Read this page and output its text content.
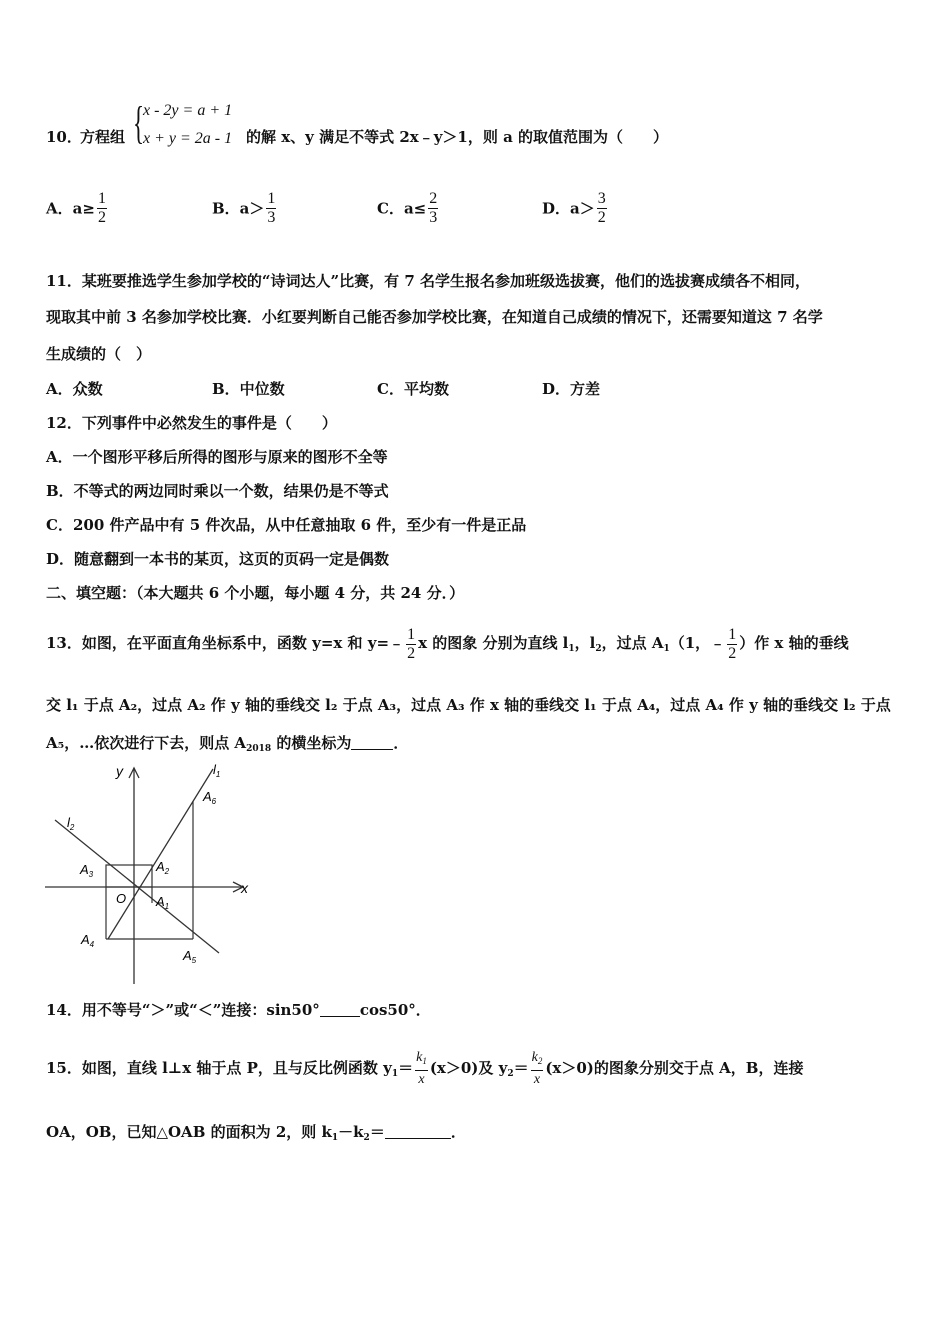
10．
方程组 {
x - 2y = a + 1
x + y = 2a - 1 的解 x、y 满足不等式 2x﹣y＞1，则 a 的取值范围为（　　）
A．$a\ge \frac{1}{2}$	B．$a> \frac{1}{3}$	C．$a\le \frac{2}{3}$	D．$a> \frac{3}{2}$
11．某班要推选学生参加学校的“诗词达人”比赛，有 7 名学生报名参加班级选拔赛，他们的选拔赛成绩各不相同，
现取其中前 3 名参加学校比赛．小红要判断自己能否参加学校比赛，在知道自己成绩的情况下，还需要知道这 7 名学
生成绩的（　）
A．众数	B．中位数	C．平均数	D．方差
12．下列事件中必然发生的事件是（　　）
A．一个图形平移后所得的图形与原来的图形不全等
B．不等式的两边同时乘以一个数，结果仍是不等式
C．200 件产品中有 5 件次品，从中任意抽取 6 件，至少有一件是正品
D．随意翻到一本书的某页，这页的页码一定是偶数
二、填空题：（本大题共 6 个小题，每小题 4 分，共 24 分．）
13．如图，在平面直角坐标系中，函数 y=x 和 y=﹣ $\frac{1}{2}$ x 的图象 分别为直线 $l_1$，$l_2$，过点 $A_1(1$，﹣ $\frac{1}{2}$ ）作 x 轴的垂线
交 l₁ 于点 A₂，过点 A₂ 作 y 轴的垂线交 l₂ 于点 A₃，过点 A₃ 作 x 轴的垂线交 l₁ 于点 A₄，过点 A₄ 作 y 轴的垂线交 l₂ 于点
A₅，…依次进行下去，则点 $A_{2018}$ 的横坐标为	．
y
x
O
$l_1$
$l_2$
$A_1$
$A_2$
$A_3$
$A_4$
$A_5$
$A_6$
14．用不等号“＞”或“＜”连接：sin50°	cos50°．
15．如图，直线 l⊥x 轴于点 P，且与反比例函数 $y_1= \frac{k_1}{x} (x>0)$及 $y_2= \frac{k_2}{x} (x>0)$的图象分别交于点 A，B，连接
OA，OB，已知△OAB 的面积为 2，则 $k_1-k_2=$	．
